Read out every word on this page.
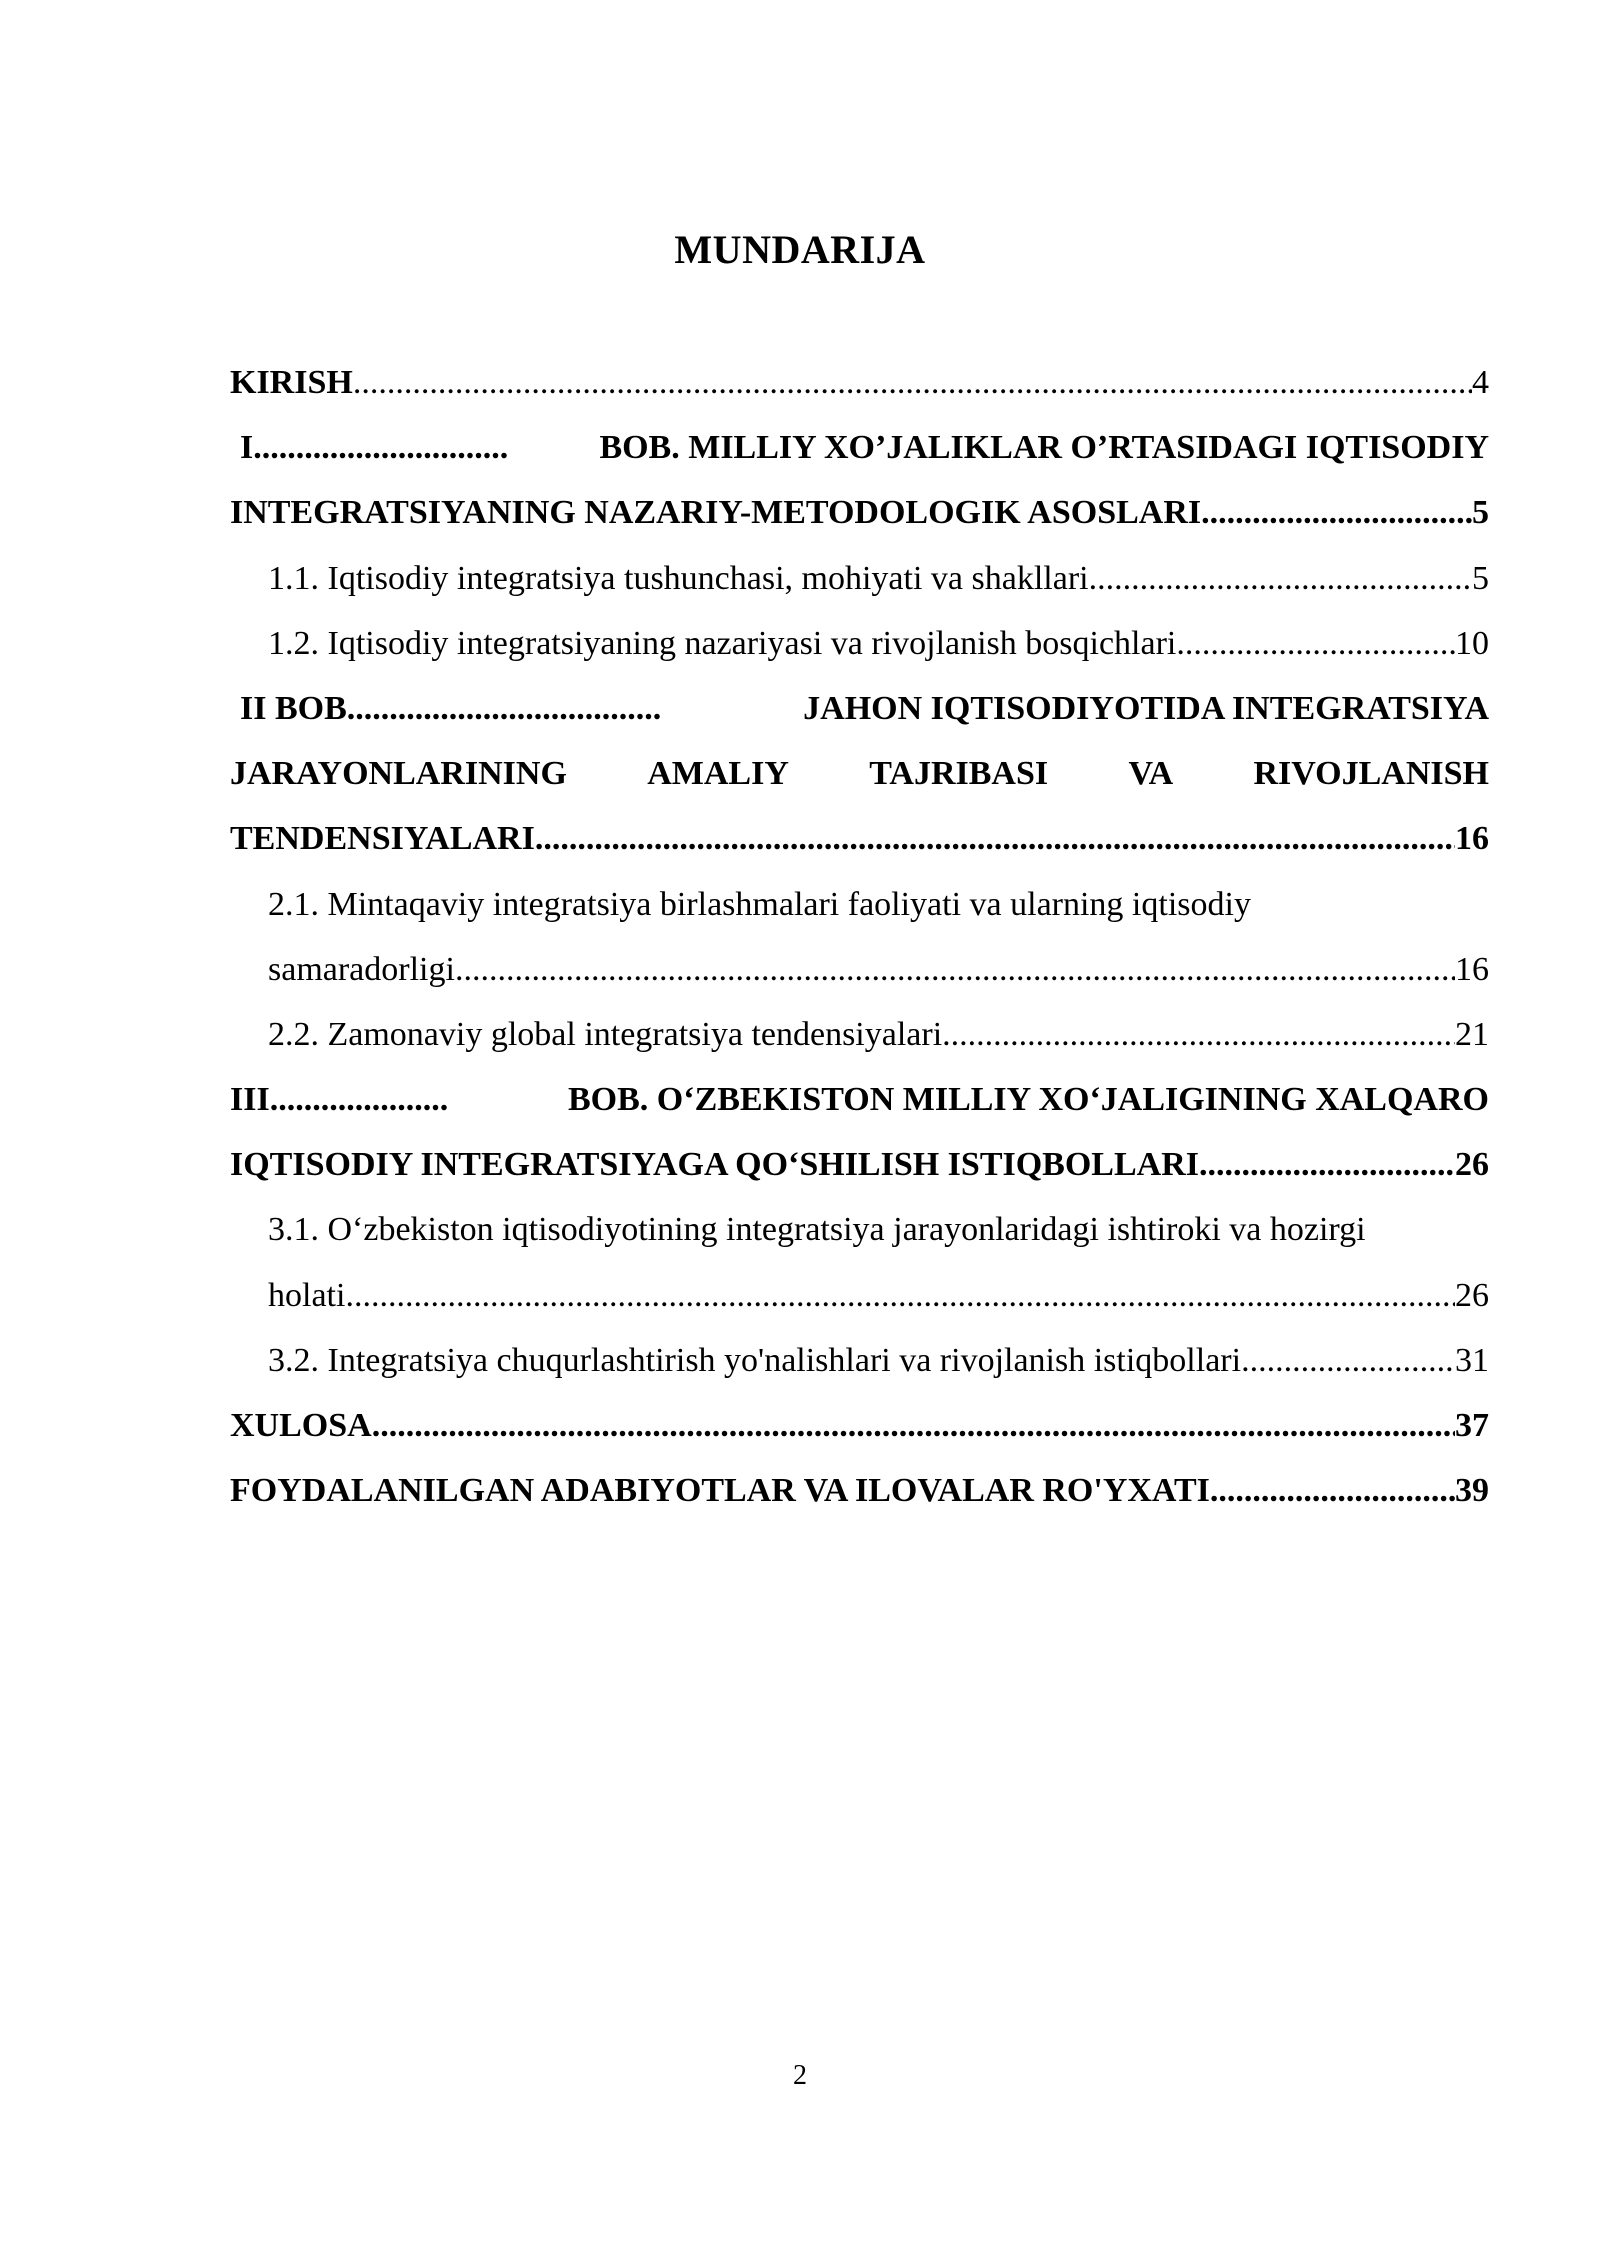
MUNDARIJA
KIRISH .....	4
I. .....	BOB. MILLIY XO’JALIKLAR O’RTASIDAGI IQTISODIY
INTEGRATSIYANING NAZARIY-METODOLOGIK ASOSLARI .....	5
1.1. Iqtisodiy integratsiya tushunchasi, mohiyati va shakllari .....	5
1.2. Iqtisodiy integratsiyaning nazariyasi va rivojlanish bosqichlari .....	10
II BOB .....	JAHON IQTISODIYOTIDA INTEGRATSIYA
JARAYONLARINING AMALIY TAJRIBASI VA RIVOJLANISH
TENDENSIYALARI .....	16
2.1. Mintaqaviy integratsiya birlashmalari faoliyati va ularning iqtisodiy
samaradorligi .....	16
2.2. Zamonaviy global integratsiya tendensiyalari .....	21
III .....	BOB. O‘ZBEKISTON MILLIY XO‘JALIGINING XALQARO
IQTISODIY INTEGRATSIYAGA QO‘SHILISH ISTIQBOLLARI .....	26
3.1. O‘zbekiston iqtisodiyotining integratsiya jarayonlaridagi ishtiroki va hozirgi
holati .....	26
3.2. Integratsiya chuqurlashtirish yo'nalishlari va rivojlanish istiqbollari .....	31
XULOSA .....	37
FOYDALANILGAN ADABIYOTLAR VA ILOVALAR RO'YXATI .....	39
2
